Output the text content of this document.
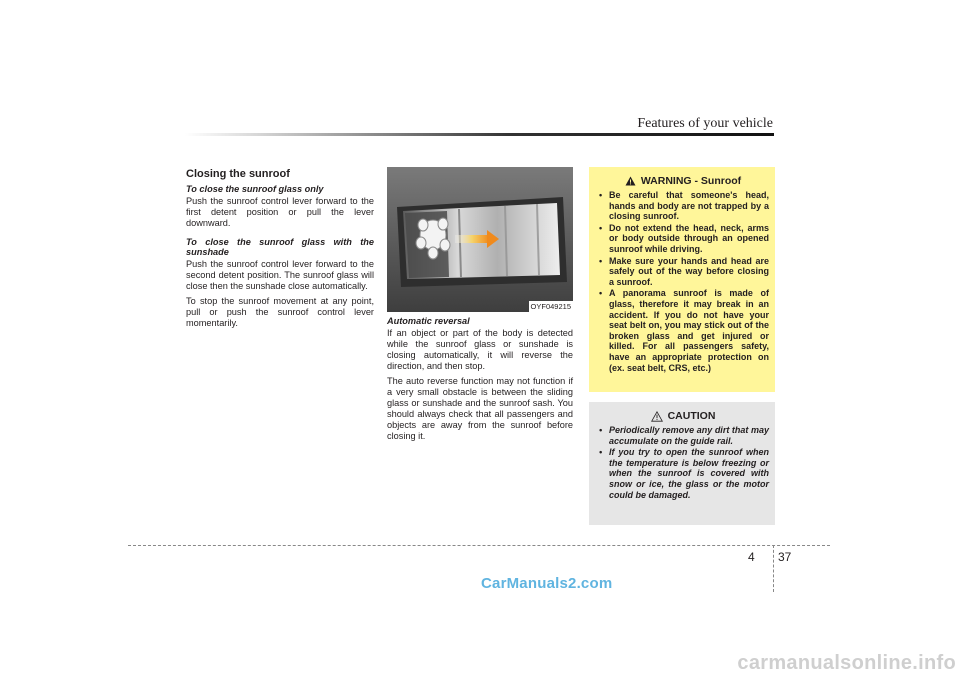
Features of your vehicle
Closing the sunroof
To close the sunroof glass only

Push the sunroof control lever forward to the first detent position or pull the lever downward.

To close the sunroof glass with the sunshade

Push the sunroof control lever forward to the second detent position. The sunroof glass will close then the sunshade close automatically.

To stop the sunroof movement at any point, pull or push the sunroof control lever momentarily.

OYF049215
Automatic reversal

If an object or part of the body is detected while the sunroof glass or sunshade is closing automatically, it will reverse the direction, and then stop.

The auto reverse function may not function if a very small obstacle is between the sliding glass or sunshade and the sunroof sash. You should always check that all passengers and objects are away from the sunroof before closing it.

WARNING - Sunroof
• Be careful that someone's head, hands and body are not trapped by a closing sunroof.
• Do not extend the head, neck, arms or body outside through an opened sunroof while driving.
• Make sure your hands and head are safely out of the way before closing a sunroof.
• A panorama sunroof is made of glass, therefore it may break in an accident. If you do not have your seat belt on, you may stick out of the broken glass and get injured or killed. For all passengers safety, have an appropriate protection on (ex. seat belt, CRS, etc.)
CAUTION
• Periodically remove any dirt that may accumulate on the guide rail.
• If you try to open the sunroof when the temperature is below freezing or when the sunroof is covered with snow or ice, the glass or the motor could be damaged.
4 37
CarManuals2.com
carmanualsonline.info
